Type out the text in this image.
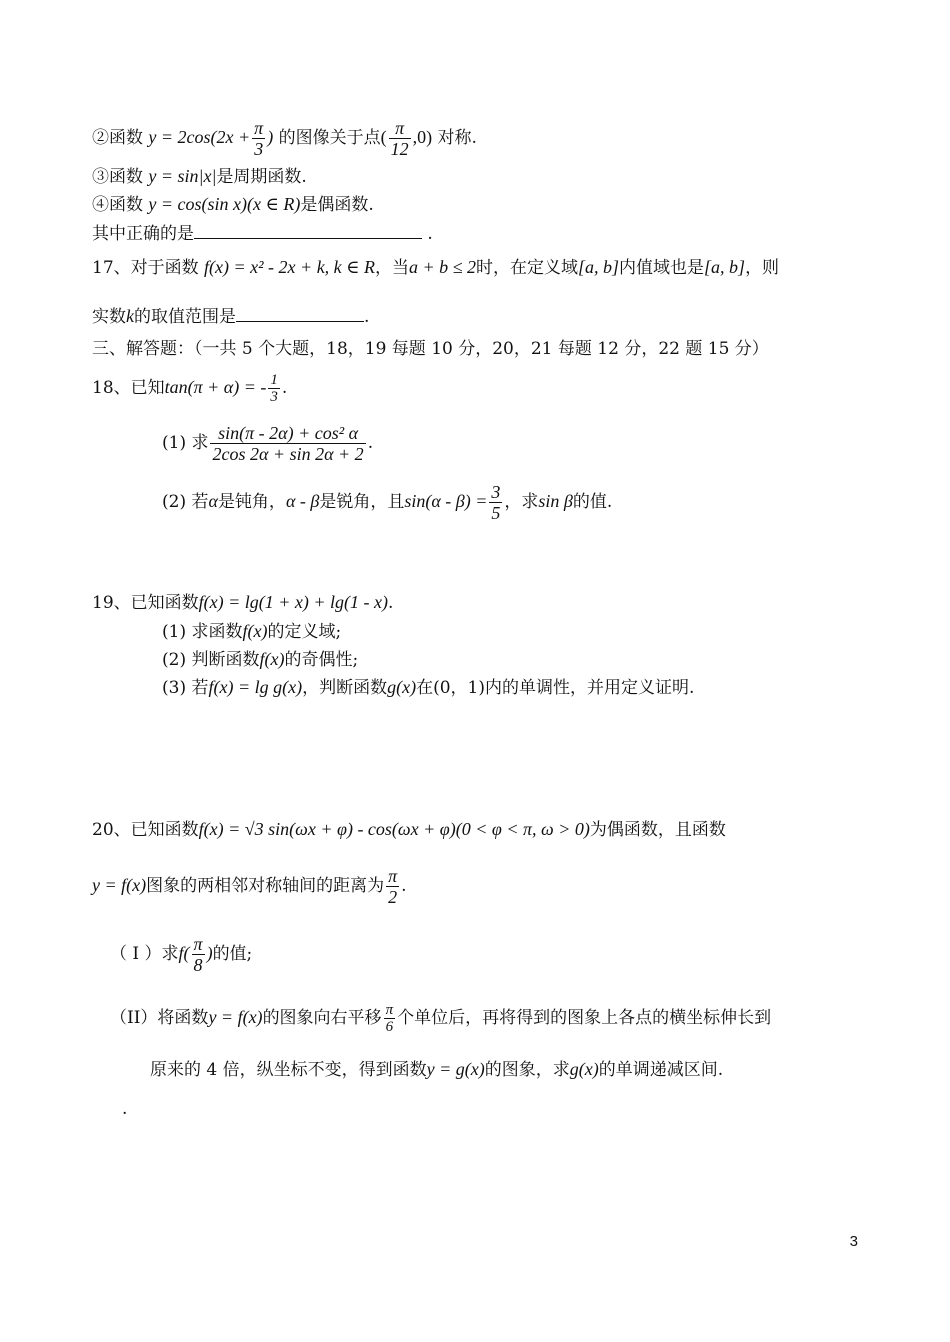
②函数 $y = 2\cos(2x + \frac{\pi}{3}$ ) 的图像关于点( $\frac{\pi}{12} ,0$) 对称.
③函数 y = sin|x|是周期函数.
④函数 y = cos(sin x)(x ∈ R)是偶函数.
其中正确的是	.
17、对于函数 f(x) = x² - 2x + k, k ∈ R，当a + b ≤ 2时，在定义域[a, b]内值域也是[a, b]，则
实数k的取值范围是	.
三、解答题：（一共 5 个大题，18，19 每题 10 分，20，21 每题 12 分，22 题 15 分）
18、已知tan(π + α) = - $\frac{1}{3}$ .
(1) 求 $\frac{\text{sin(π - 2α) + cos² α}}{2\cos 2\alpha + \sin 2\alpha + 2}$ .
(2) 若α是钝角，α - β是锐角，且$\sin(\alpha - \beta) = \frac{3}{5}$ ，求sin β的值.
19、已知函数f(x) = lg(1 + x) + lg(1 - x).
(1) 求函数f(x)的定义域;
(2) 判断函数f(x)的奇偶性;
(3) 若f(x) = lg g(x)，判断函数g(x)在(0，1)内的单调性，并用定义证明.
20、已知函数f(x) = √3 sin(ωx + φ) - cos(ωx + φ)(0 < φ < π, ω > 0)为偶函数，且函数
y = f(x)图象的两相邻对称轴间的距离为 $\frac{\pi}{2}$ .
（ I ）求$f( \frac{\pi}{8}$ )的值;
（II）将函数y = f(x)的图象向右平移 $\frac{\pi}{6}$ 个单位后，再将得到的图象上各点的横坐标伸长到
原来的 4 倍，纵坐标不变，得到函数y = g(x)的图象，求g(x)的单调递减区间.
.
3
